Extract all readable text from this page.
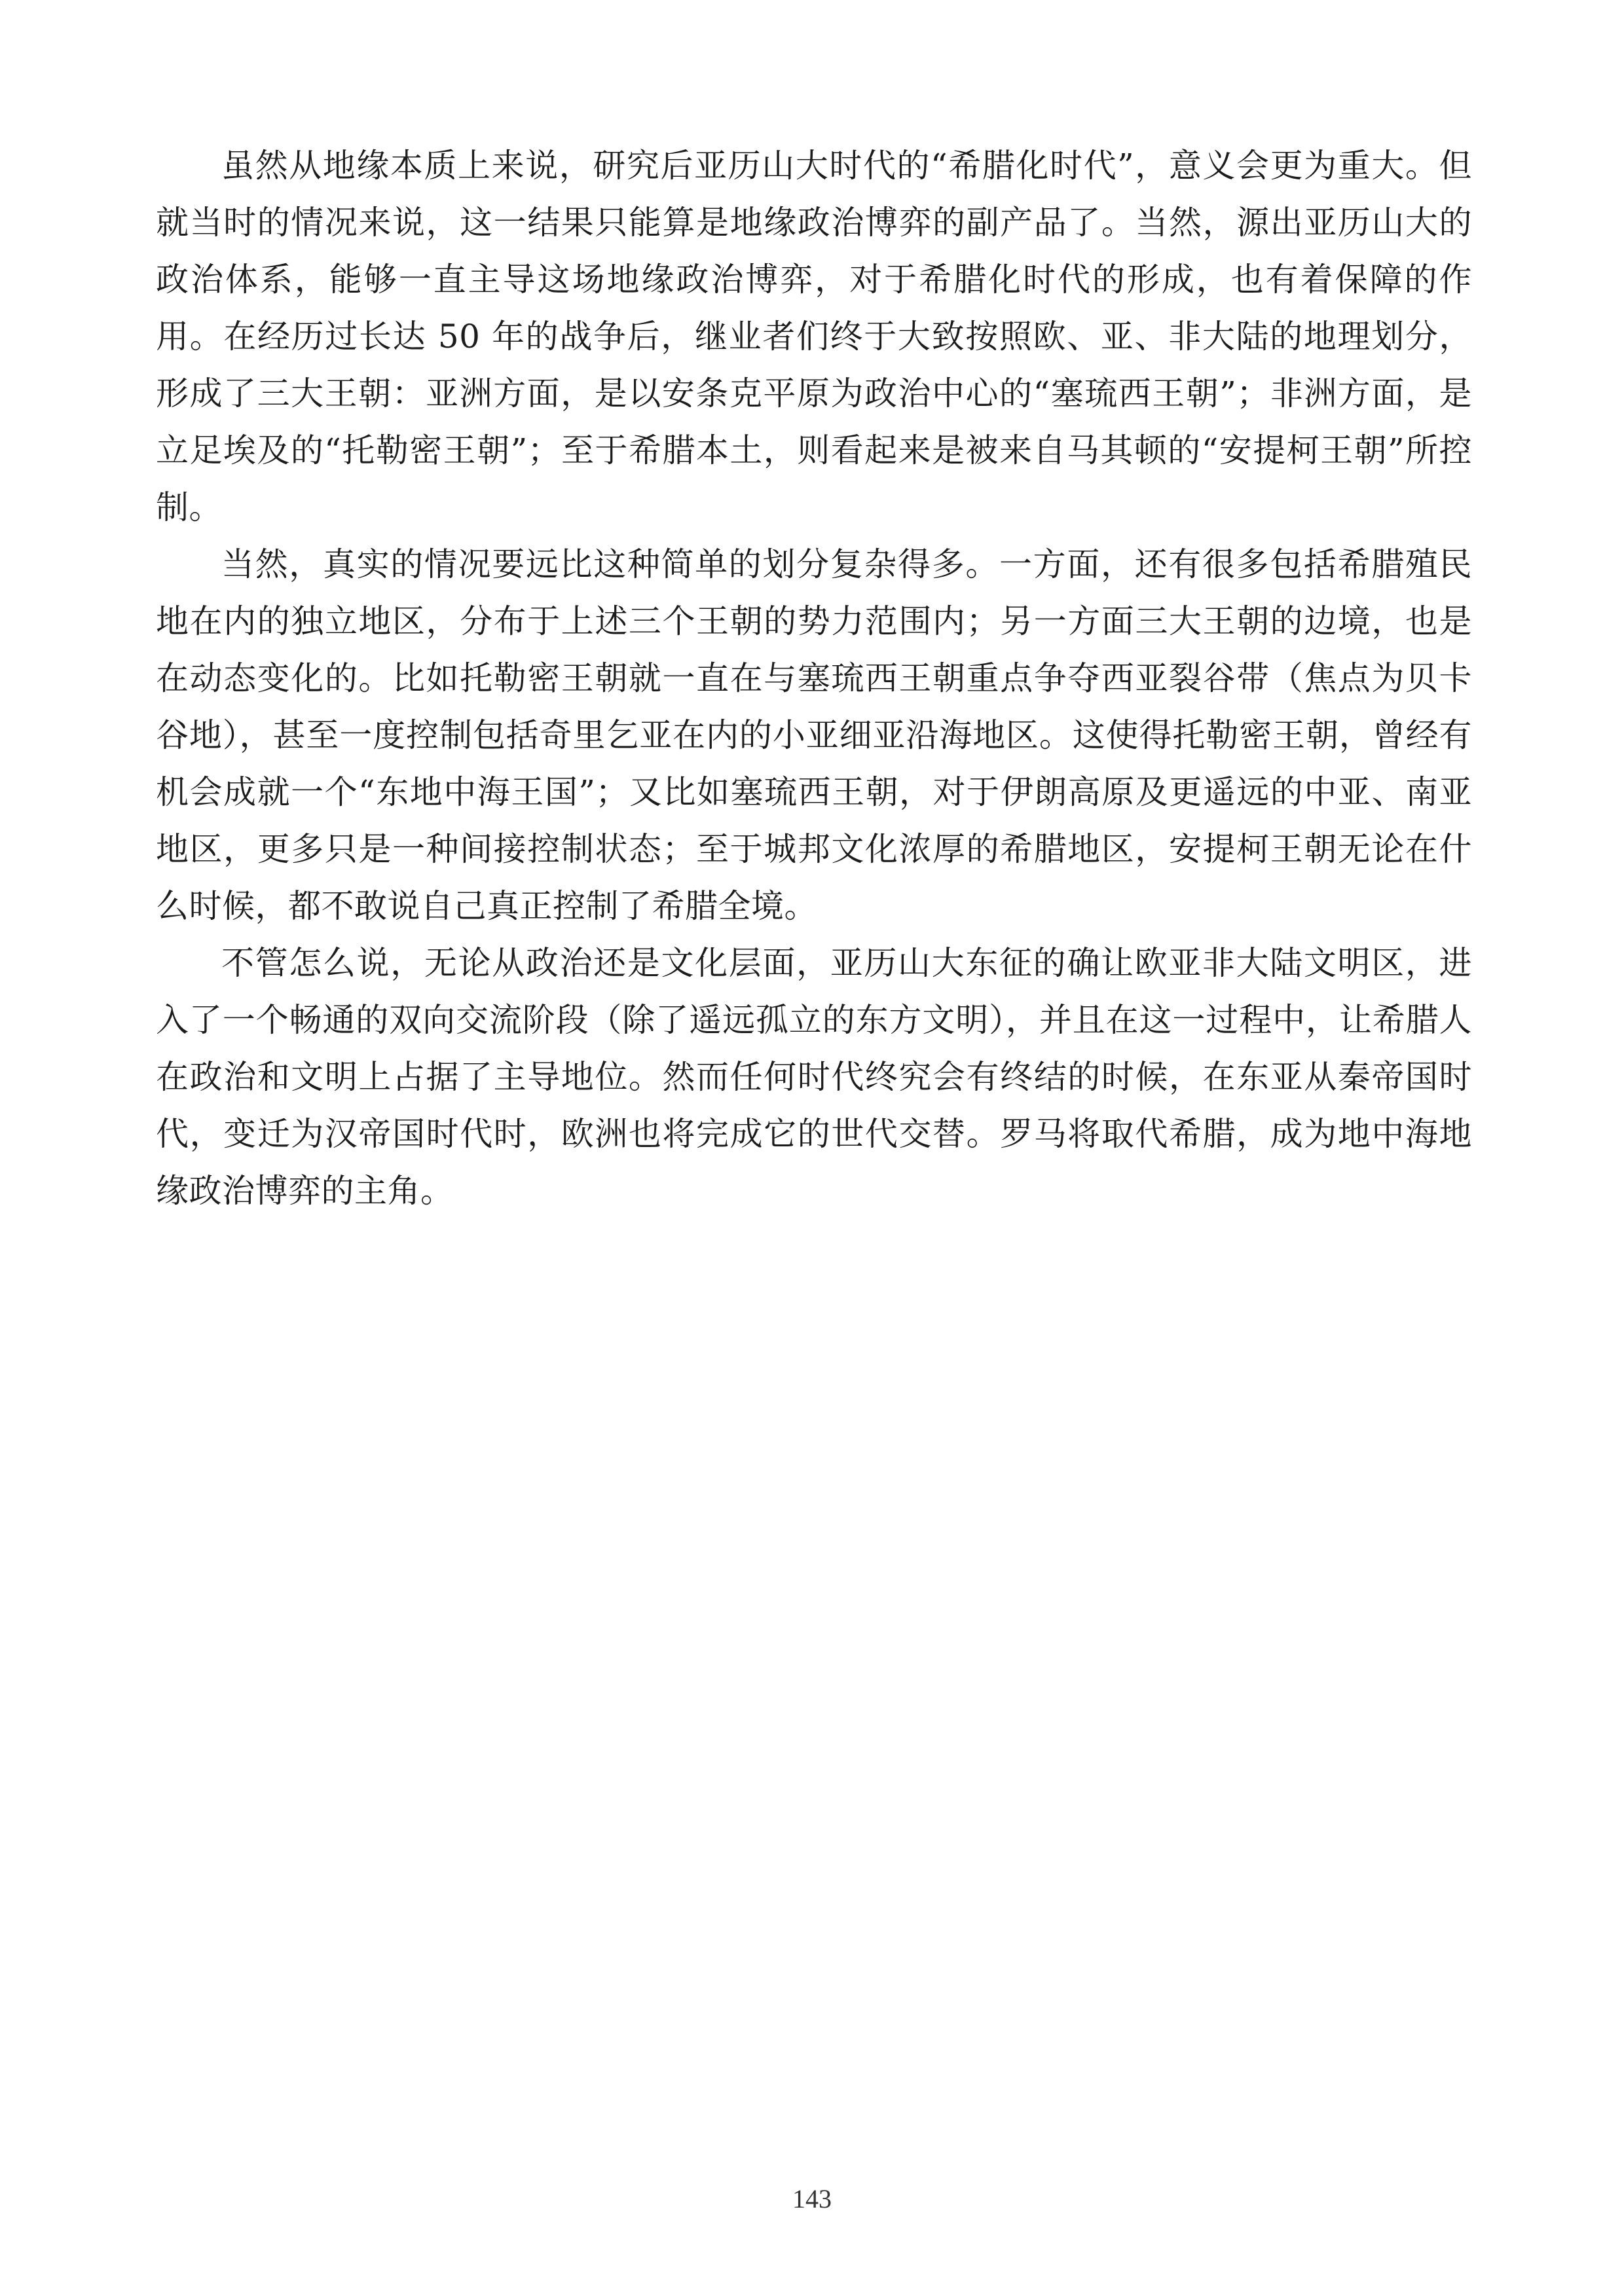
虽然从地缘本质上来说，研究后亚历山大时代的“希腊化时代”，意义会更为重大。但就当时的情况来说，这一结果只能算是地缘政治博弈的副产品了。当然，源出亚历山大的政治体系，能够一直主导这场地缘政治博弈，对于希腊化时代的形成，也有着保障的作用。在经历过长达 50 年的战争后，继业者们终于大致按照欧、亚、非大陆的地理划分，形成了三大王朝：亚洲方面，是以安条克平原为政治中心的“塞琉西王朝”；非洲方面，是立足埃及的“托勒密王朝”；至于希腊本土，则看起来是被来自马其顿的“安提柯王朝”所控制。

当然，真实的情况要远比这种简单的划分复杂得多。一方面，还有很多包括希腊殖民地在内的独立地区，分布于上述三个王朝的势力范围内；另一方面三大王朝的边境，也是在动态变化的。比如托勒密王朝就一直在与塞琉西王朝重点争夺西亚裂谷带（焦点为贝卡谷地），甚至一度控制包括奇里乞亚在内的小亚细亚沿海地区。这使得托勒密王朝，曾经有机会成就一个“东地中海王国”；又比如塞琉西王朝，对于伊朗高原及更遥远的中亚、南亚地区，更多只是一种间接控制状态；至于城邦文化浓厚的希腊地区，安提柯王朝无论在什么时候，都不敢说自己真正控制了希腊全境。

不管怎么说，无论从政治还是文化层面，亚历山大东征的确让欧亚非大陆文明区，进入了一个畅通的双向交流阶段（除了遥远孤立的东方文明），并且在这一过程中，让希腊人在政治和文明上占据了主导地位。然而任何时代终究会有终结的时候，在东亚从秦帝国时代，变迁为汉帝国时代时，欧洲也将完成它的世代交替。罗马将取代希腊，成为地中海地缘政治博弈的主角。

143
